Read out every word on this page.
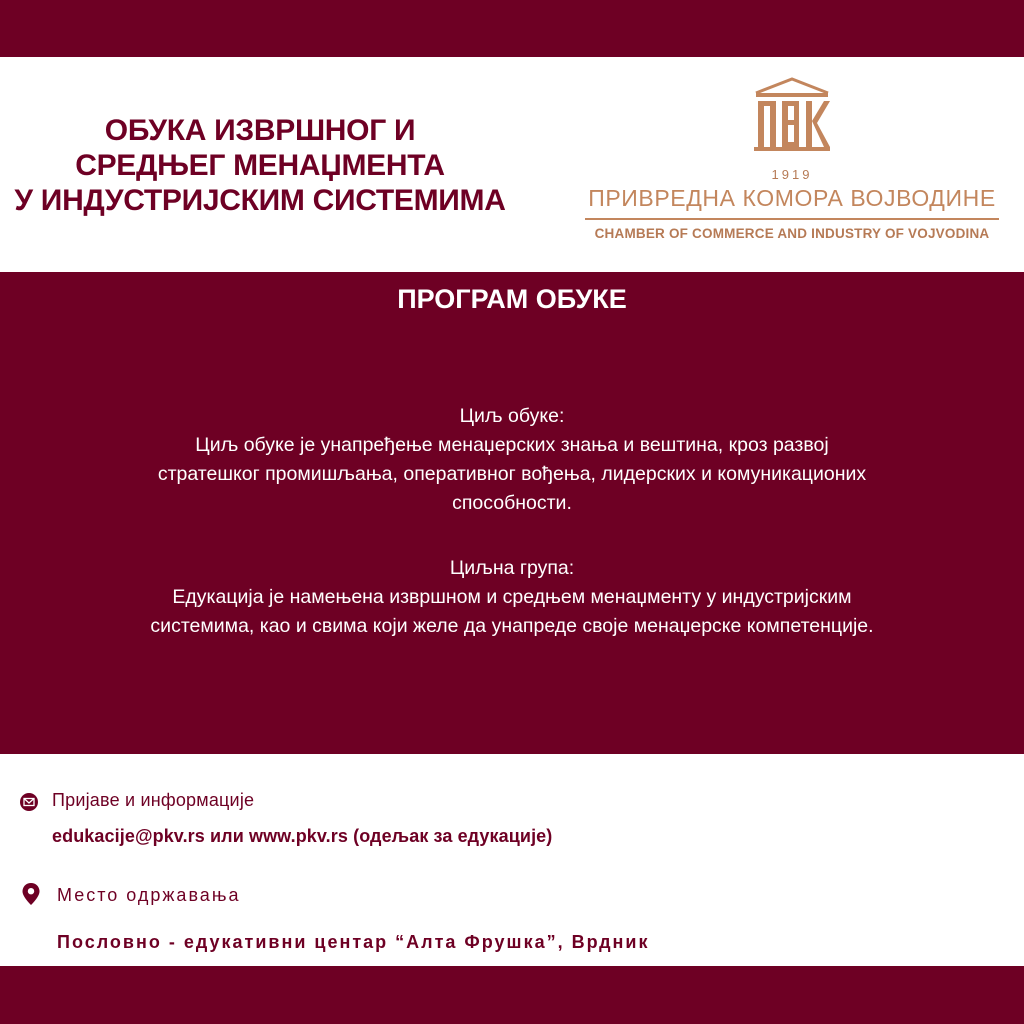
ОБУКА ИЗВРШНОГ И
СРЕДЊЕГ МЕНАЏМЕНТА
У ИНДУСТРИЈСКИМ СИСТЕМИМА
1919
ПРИВРЕДНА КОМОРА ВОЈВОДИНЕ
CHAMBER OF COMMERCE AND INDUSTRY OF VOJVODINA
ПРОГРАМ ОБУКЕ
Циљ обуке:
Циљ обуке је унапређење менаџерских знања и вештина, кроз развој
стратешког промишљања, оперативног вођења, лидерских и комуникационих
способности.
Циљна група:
Едукација је намењена извршном и средњем менаџменту у индустријским
системима, као и свима који желе да унапреде своје менаџерске компетенције.
Пријаве и информације
edukacije@pkv.rs или www.pkv.rs (одељак за едукације)
Место одржавања
Пословно - едукативни центар “Алта Фрушка”, Врдник
